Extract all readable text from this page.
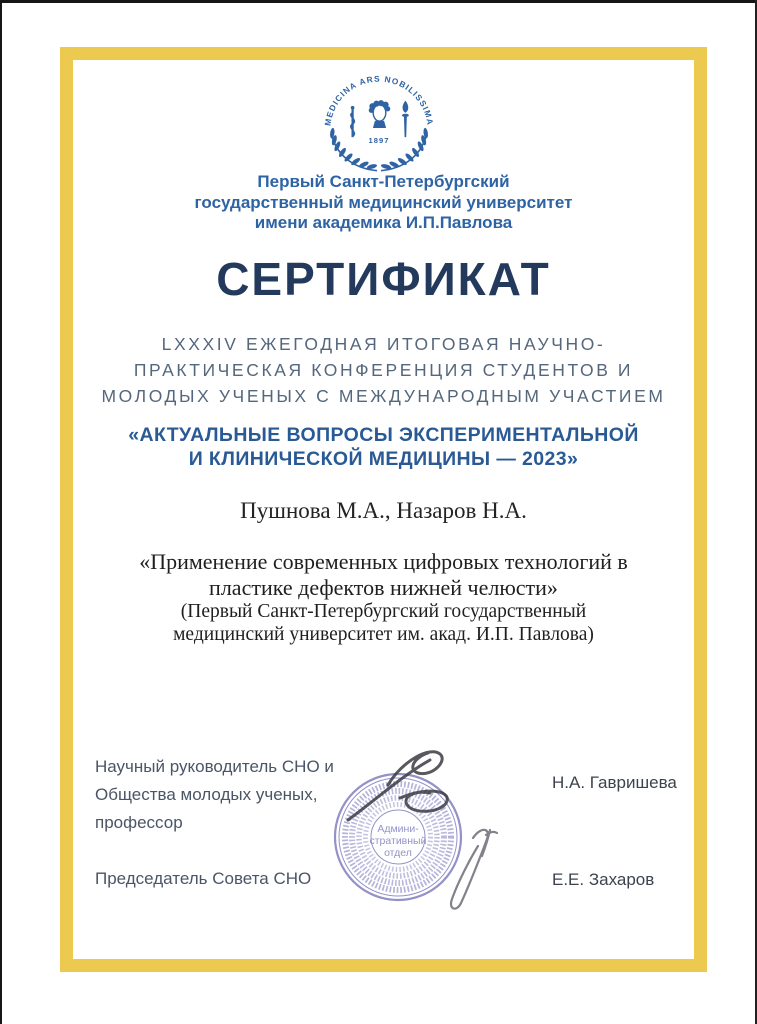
MEDICINA ARS NOBILISSIMA
1897
Первый Санкт-Петербургский
государственный медицинский университет
имени академика И.П.Павлова
СЕРТИФИКАТ
LXXXIV ЕЖЕГОДНАЯ ИТОГОВАЯ НАУЧНО-
ПРАКТИЧЕСКАЯ КОНФЕРЕНЦИЯ СТУДЕНТОВ И
МОЛОДЫХ УЧЕНЫХ С МЕЖДУНАРОДНЫМ УЧАСТИЕМ
«АКТУАЛЬНЫЕ ВОПРОСЫ ЭКСПЕРИМЕНТАЛЬНОЙ
И КЛИНИЧЕСКОЙ МЕДИЦИНЫ — 2023»
Пушнова М.А., Назаров Н.А.
«Применение современных цифровых технологий в
пластике дефектов нижней челюсти»
(Первый Санкт-Петербургский государственный
медицинский университет им. акад. И.П. Павлова)
Научный руководитель СНО и
Общества молодых ученых,
профессор
Председатель Совета СНО
Н.А. Гавришева
Е.Е. Захаров
Адмиʜи-
стративный
отдел
